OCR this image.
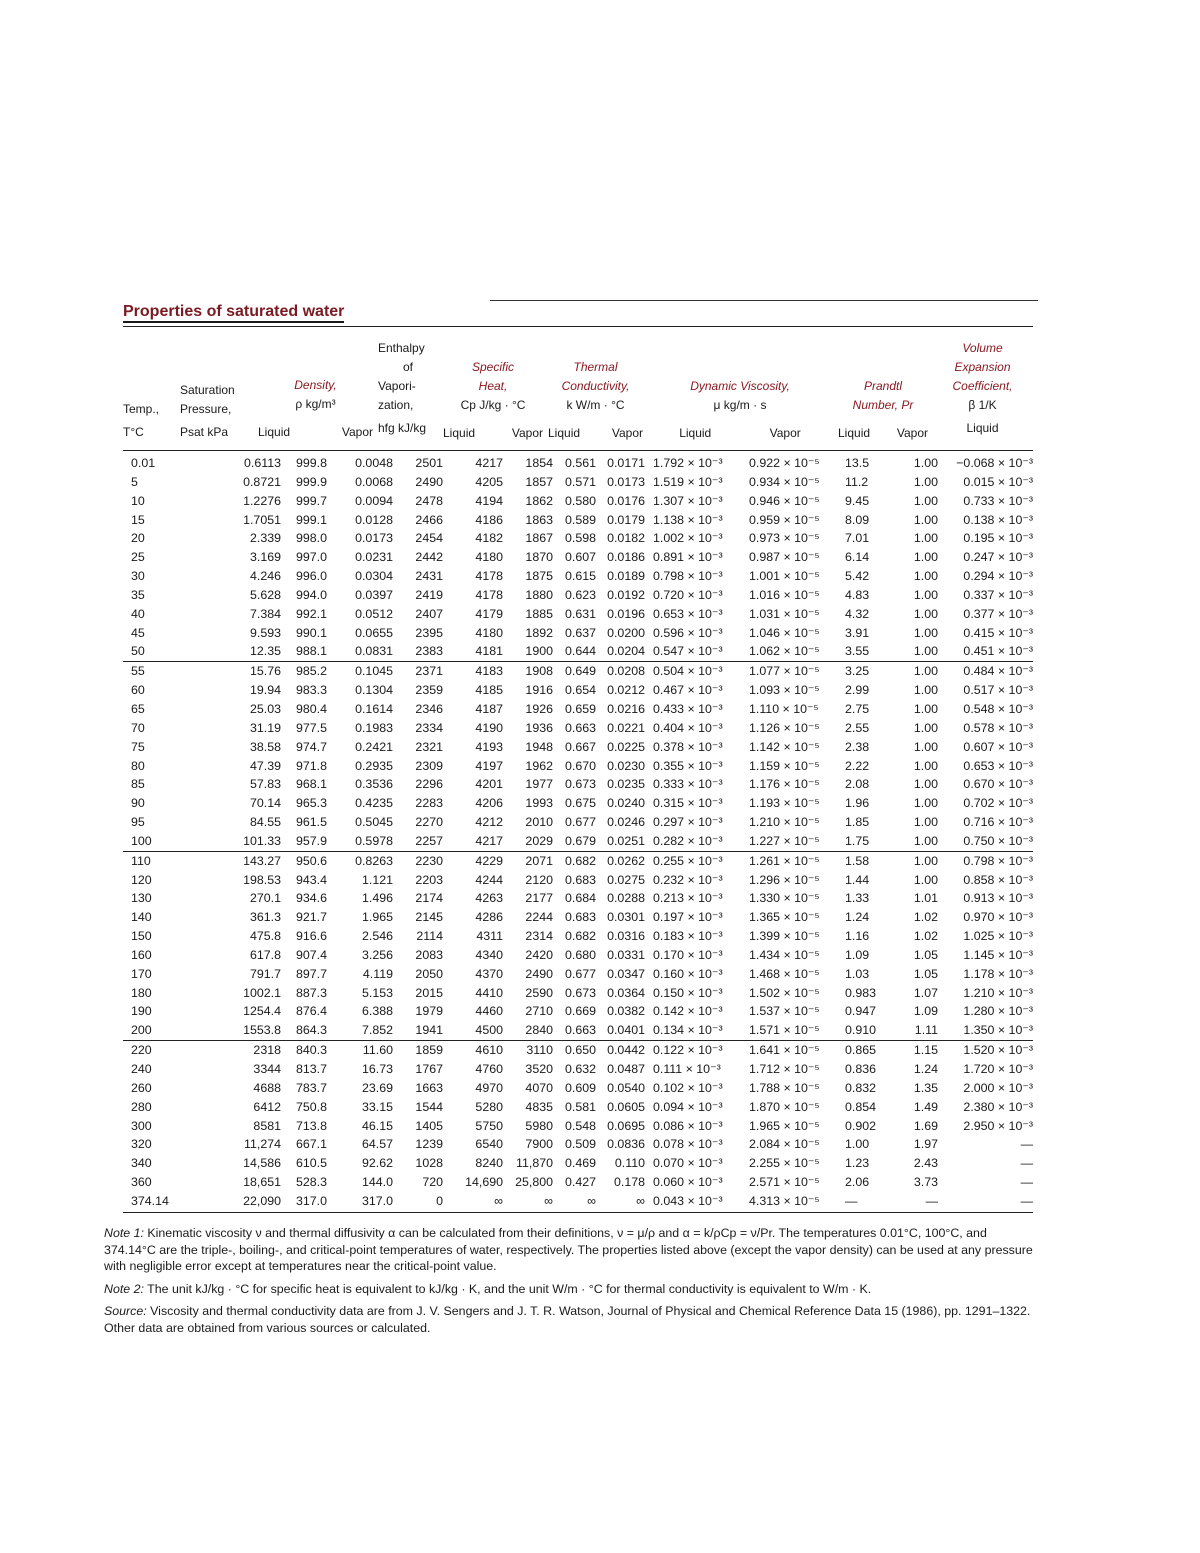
Properties of saturated water
Temp.,
T°C
Saturation
Pressure,
Psat kPa
Density,
ρ kg/m³
Liquid	Vapor
Enthalpy
of
Vapori-
zation,
hfg kJ/kg
Specific
Heat,
Cp J/kg · °C
Liquid	Vapor
Thermal
Conductivity,
k W/m · °C
Liquid	Vapor
Dynamic Viscosity,
μ kg/m · s
Liquid	Vapor
Prandtl
Number, Pr
Liquid Vapor
Volume
Expansion
Coefficient,
β 1/K
Liquid
0.01	0.6113	999.8	0.0048	2501	4217	1854	0.561	0.0171	1.792 × 10⁻³	0.922 × 10⁻⁵	13.5	1.00	−0.068 × 10⁻³
5	0.8721	999.9	0.0068	2490	4205	1857	0.571	0.0173	1.519 × 10⁻³	0.934 × 10⁻⁵	11.2	1.00	0.015 × 10⁻³
10	1.2276	999.7	0.0094	2478	4194	1862	0.580	0.0176	1.307 × 10⁻³	0.946 × 10⁻⁵	9.45	1.00	0.733 × 10⁻³
15	1.7051	999.1	0.0128	2466	4186	1863	0.589	0.0179	1.138 × 10⁻³	0.959 × 10⁻⁵	8.09	1.00	0.138 × 10⁻³
20	2.339	998.0	0.0173	2454	4182	1867	0.598	0.0182	1.002 × 10⁻³	0.973 × 10⁻⁵	7.01	1.00	0.195 × 10⁻³
25	3.169	997.0	0.0231	2442	4180	1870	0.607	0.0186	0.891 × 10⁻³	0.987 × 10⁻⁵	6.14	1.00	0.247 × 10⁻³
30	4.246	996.0	0.0304	2431	4178	1875	0.615	0.0189	0.798 × 10⁻³	1.001 × 10⁻⁵	5.42	1.00	0.294 × 10⁻³
35	5.628	994.0	0.0397	2419	4178	1880	0.623	0.0192	0.720 × 10⁻³	1.016 × 10⁻⁵	4.83	1.00	0.337 × 10⁻³
40	7.384	992.1	0.0512	2407	4179	1885	0.631	0.0196	0.653 × 10⁻³	1.031 × 10⁻⁵	4.32	1.00	0.377 × 10⁻³
45	9.593	990.1	0.0655	2395	4180	1892	0.637	0.0200	0.596 × 10⁻³	1.046 × 10⁻⁵	3.91	1.00	0.415 × 10⁻³
50	12.35	988.1	0.0831	2383	4181	1900	0.644	0.0204	0.547 × 10⁻³	1.062 × 10⁻⁵	3.55	1.00	0.451 × 10⁻³
55	15.76	985.2	0.1045	2371	4183	1908	0.649	0.0208	0.504 × 10⁻³	1.077 × 10⁻⁵	3.25	1.00	0.484 × 10⁻³
60	19.94	983.3	0.1304	2359	4185	1916	0.654	0.0212	0.467 × 10⁻³	1.093 × 10⁻⁵	2.99	1.00	0.517 × 10⁻³
65	25.03	980.4	0.1614	2346	4187	1926	0.659	0.0216	0.433 × 10⁻³	1.110 × 10⁻⁵	2.75	1.00	0.548 × 10⁻³
70	31.19	977.5	0.1983	2334	4190	1936	0.663	0.0221	0.404 × 10⁻³	1.126 × 10⁻⁵	2.55	1.00	0.578 × 10⁻³
75	38.58	974.7	0.2421	2321	4193	1948	0.667	0.0225	0.378 × 10⁻³	1.142 × 10⁻⁵	2.38	1.00	0.607 × 10⁻³
80	47.39	971.8	0.2935	2309	4197	1962	0.670	0.0230	0.355 × 10⁻³	1.159 × 10⁻⁵	2.22	1.00	0.653 × 10⁻³
85	57.83	968.1	0.3536	2296	4201	1977	0.673	0.0235	0.333 × 10⁻³	1.176 × 10⁻⁵	2.08	1.00	0.670 × 10⁻³
90	70.14	965.3	0.4235	2283	4206	1993	0.675	0.0240	0.315 × 10⁻³	1.193 × 10⁻⁵	1.96	1.00	0.702 × 10⁻³
95	84.55	961.5	0.5045	2270	4212	2010	0.677	0.0246	0.297 × 10⁻³	1.210 × 10⁻⁵	1.85	1.00	0.716 × 10⁻³
100	101.33	957.9	0.5978	2257	4217	2029	0.679	0.0251	0.282 × 10⁻³	1.227 × 10⁻⁵	1.75	1.00	0.750 × 10⁻³
110	143.27	950.6	0.8263	2230	4229	2071	0.682	0.0262	0.255 × 10⁻³	1.261 × 10⁻⁵	1.58	1.00	0.798 × 10⁻³
120	198.53	943.4	1.121	2203	4244	2120	0.683	0.0275	0.232 × 10⁻³	1.296 × 10⁻⁵	1.44	1.00	0.858 × 10⁻³
130	270.1	934.6	1.496	2174	4263	2177	0.684	0.0288	0.213 × 10⁻³	1.330 × 10⁻⁵	1.33	1.01	0.913 × 10⁻³
140	361.3	921.7	1.965	2145	4286	2244	0.683	0.0301	0.197 × 10⁻³	1.365 × 10⁻⁵	1.24	1.02	0.970 × 10⁻³
150	475.8	916.6	2.546	2114	4311	2314	0.682	0.0316	0.183 × 10⁻³	1.399 × 10⁻⁵	1.16	1.02	1.025 × 10⁻³
160	617.8	907.4	3.256	2083	4340	2420	0.680	0.0331	0.170 × 10⁻³	1.434 × 10⁻⁵	1.09	1.05	1.145 × 10⁻³
170	791.7	897.7	4.119	2050	4370	2490	0.677	0.0347	0.160 × 10⁻³	1.468 × 10⁻⁵	1.03	1.05	1.178 × 10⁻³
180	1002.1	887.3	5.153	2015	4410	2590	0.673	0.0364	0.150 × 10⁻³	1.502 × 10⁻⁵	0.983	1.07	1.210 × 10⁻³
190	1254.4	876.4	6.388	1979	4460	2710	0.669	0.0382	0.142 × 10⁻³	1.537 × 10⁻⁵	0.947	1.09	1.280 × 10⁻³
200	1553.8	864.3	7.852	1941	4500	2840	0.663	0.0401	0.134 × 10⁻³	1.571 × 10⁻⁵	0.910	1.11	1.350 × 10⁻³
220	2318	840.3	11.60	1859	4610	3110	0.650	0.0442	0.122 × 10⁻³	1.641 × 10⁻⁵	0.865	1.15	1.520 × 10⁻³
240	3344	813.7	16.73	1767	4760	3520	0.632	0.0487	0.111 × 10⁻³	1.712 × 10⁻⁵	0.836	1.24	1.720 × 10⁻³
260	4688	783.7	23.69	1663	4970	4070	0.609	0.0540	0.102 × 10⁻³	1.788 × 10⁻⁵	0.832	1.35	2.000 × 10⁻³
280	6412	750.8	33.15	1544	5280	4835	0.581	0.0605	0.094 × 10⁻³	1.870 × 10⁻⁵	0.854	1.49	2.380 × 10⁻³
300	8581	713.8	46.15	1405	5750	5980	0.548	0.0695	0.086 × 10⁻³	1.965 × 10⁻⁵	0.902	1.69	2.950 × 10⁻³
320	11,274	667.1	64.57	1239	6540	7900	0.509	0.0836	0.078 × 10⁻³	2.084 × 10⁻⁵	1.00	1.97	—
340	14,586	610.5	92.62	1028	8240	11,870	0.469	0.110	0.070 × 10⁻³	2.255 × 10⁻⁵	1.23	2.43	—
360	18,651	528.3	144.0	720	14,690	25,800	0.427	0.178	0.060 × 10⁻³	2.571 × 10⁻⁵	2.06	3.73	—
374.14	22,090	317.0	317.0	0	∞	∞	∞	∞	0.043 × 10⁻³	4.313 × 10⁻⁵	—	—	—

Note 1: Kinematic viscosity ν and thermal diffusivity α can be calculated from their definitions, ν = μ/ρ and α = k/ρCp = ν/Pr. The temperatures 0.01°C, 100°C, and 374.14°C are the triple-, boiling-, and critical-point temperatures of water, respectively. The properties listed above (except the vapor density) can be used at any pressure with negligible error except at temperatures near the critical-point value.

Note 2: The unit kJ/kg · °C for specific heat is equivalent to kJ/kg · K, and the unit W/m · °C for thermal conductivity is equivalent to W/m · K.

Source: Viscosity and thermal conductivity data are from J. V. Sengers and J. T. R. Watson, Journal of Physical and Chemical Reference Data 15 (1986), pp. 1291–1322. Other data are obtained from various sources or calculated.
